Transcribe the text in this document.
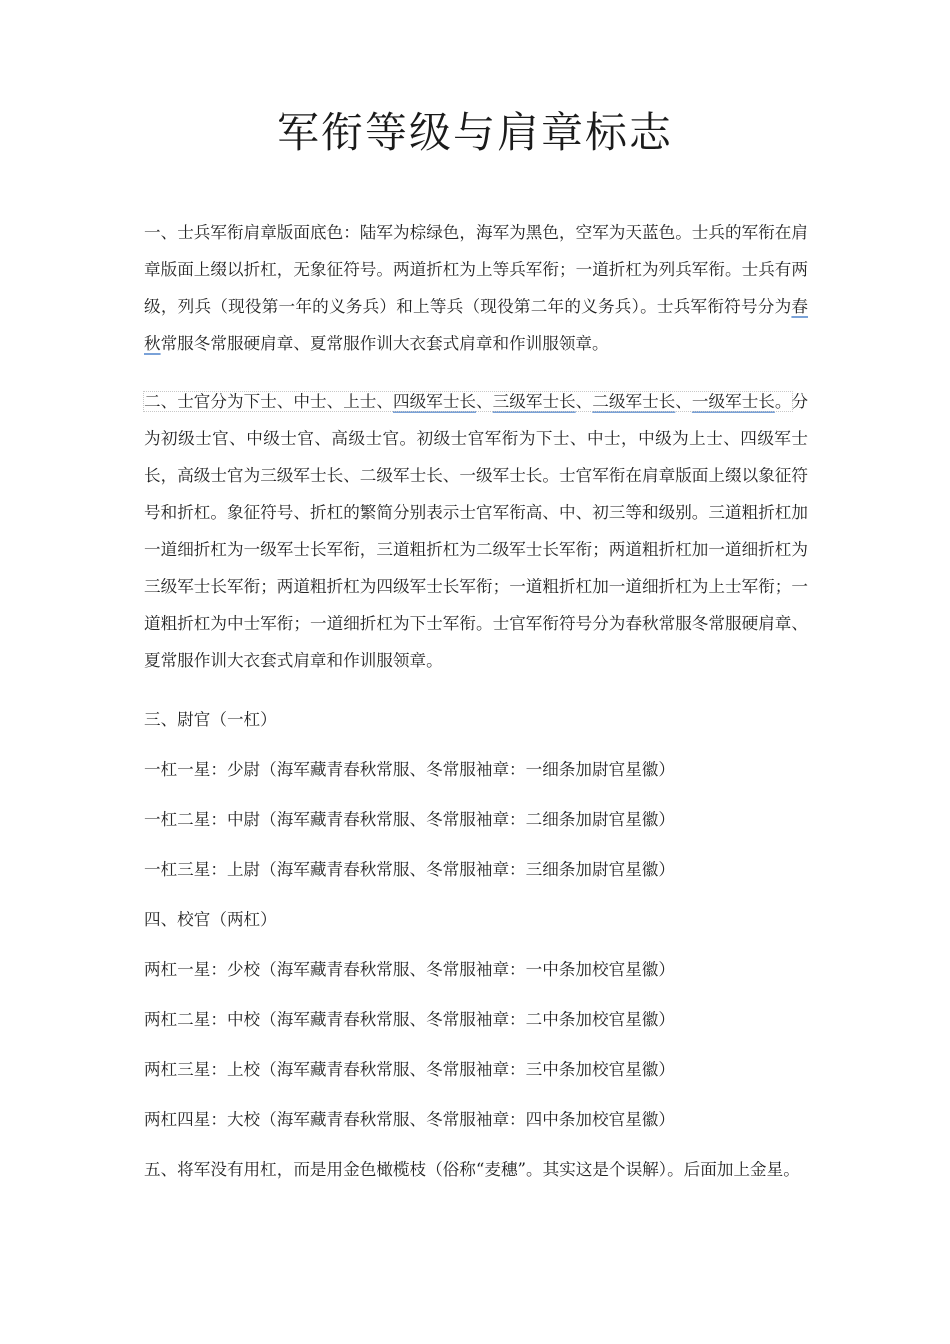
军衔等级与肩章标志

一、士兵军衔肩章版面底色：陆军为棕绿色，海军为黑色，空军为天蓝色。士兵的军衔在肩章版面上缀以折杠，无象征符号。两道折杠为上等兵军衔；一道折杠为列兵军衔。士兵有两级，列兵（现役第一年的义务兵）和上等兵（现役第二年的义务兵）。士兵军衔符号分为春秋常服冬常服硬肩章、夏常服作训大衣套式肩章和作训服领章。

二、士官分为下士、中士、上士、四级军士长、三级军士长、二级军士长、一级军士长。分为初级士官、中级士官、高级士官。初级士官军衔为下士、中士，中级为上士、四级军士长，高级士官为三级军士长、二级军士长、一级军士长。士官军衔在肩章版面上缀以象征符号和折杠。象征符号、折杠的繁简分别表示士官军衔高、中、初三等和级别。三道粗折杠加一道细折杠为一级军士长军衔，三道粗折杠为二级军士长军衔；两道粗折杠加一道细折杠为三级军士长军衔；两道粗折杠为四级军士长军衔；一道粗折杠加一道细折杠为上士军衔；一道粗折杠为中士军衔；一道细折杠为下士军衔。士官军衔符号分为春秋常服冬常服硬肩章、夏常服作训大衣套式肩章和作训服领章。

三、尉官（一杠）

一杠一星：少尉（海军藏青春秋常服、冬常服袖章：一细条加尉官星徽）

一杠二星：中尉（海军藏青春秋常服、冬常服袖章：二细条加尉官星徽）

一杠三星：上尉（海军藏青春秋常服、冬常服袖章：三细条加尉官星徽）

四、校官（两杠）

两杠一星：少校（海军藏青春秋常服、冬常服袖章：一中条加校官星徽）

两杠二星：中校（海军藏青春秋常服、冬常服袖章：二中条加校官星徽）

两杠三星：上校（海军藏青春秋常服、冬常服袖章：三中条加校官星徽）

两杠四星：大校（海军藏青春秋常服、冬常服袖章：四中条加校官星徽）

五、将军没有用杠，而是用金色橄榄枝（俗称“麦穗”。其实这是个误解）。后面加上金星。
